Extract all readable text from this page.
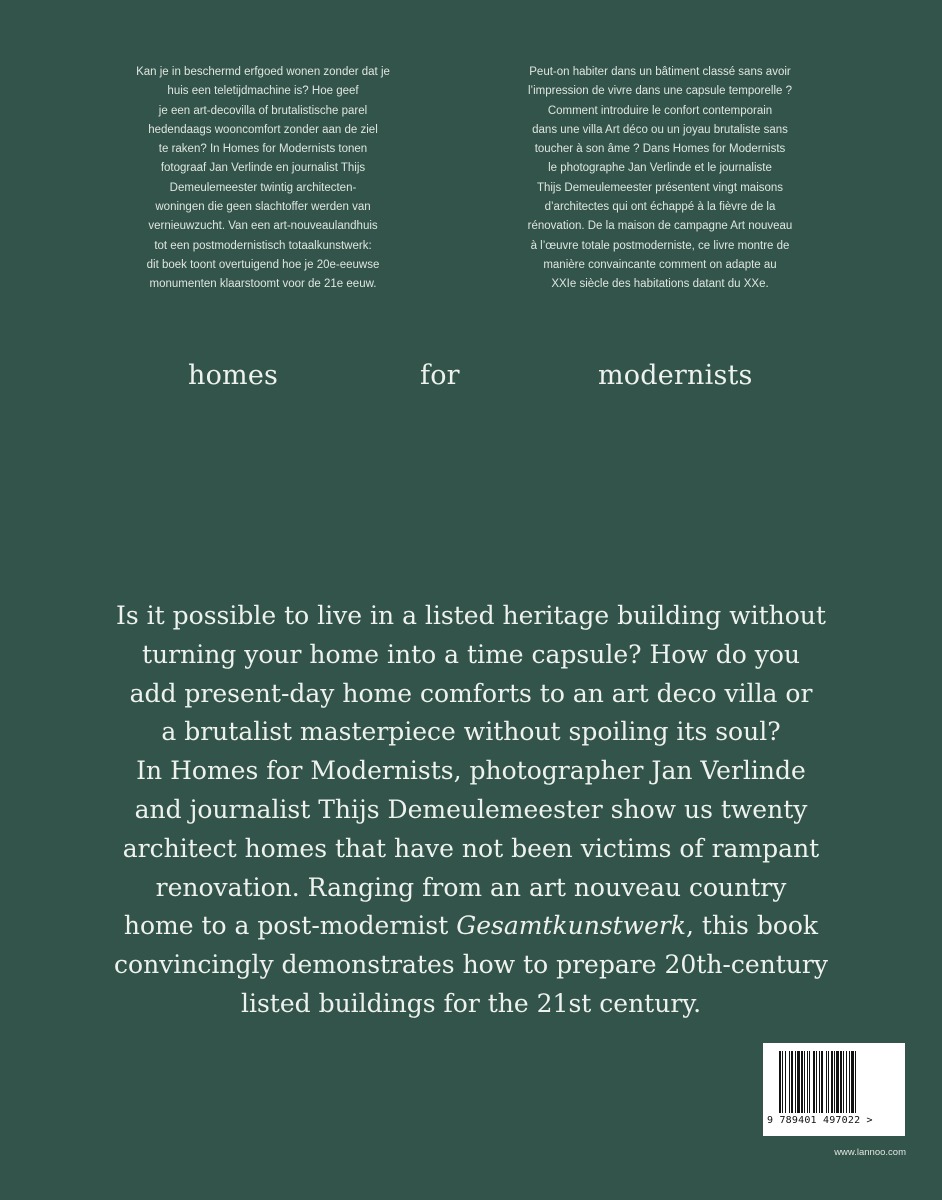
Kan je in beschermd erfgoed wonen zonder dat je
huis een teletijdmachine is? Hoe geef
je een art-decovilla of brutalistische parel
hedendaags wooncomfort zonder aan de ziel
te raken? In Homes for Modernists tonen
fotograaf Jan Verlinde en journalist Thijs
Demeulemeester twintig architecten-
woningen die geen slachtoffer werden van
vernieuwzucht. Van een art-nouveaulandhuis
tot een postmodernistisch totaalkunstwerk:
dit boek toont overtuigend hoe je 20e-eeuwse
monumenten klaarstoomt voor de 21e eeuw.

Peut-on habiter dans un bâtiment classé sans avoir
l’impression de vivre dans une capsule temporelle ?
Comment introduire le confort contemporain
dans une villa Art déco ou un joyau brutaliste sans
toucher à son âme ? Dans Homes for Modernists
le photographe Jan Verlinde et le journaliste
Thijs Demeulemeester présentent vingt maisons
d’architectes qui ont échappé à la fièvre de la
rénovation. De la maison de campagne Art nouveau
à l’œuvre totale postmoderniste, ce livre montre de
manière convaincante comment on adapte au
XXIe siècle des habitations datant du XXe.

homes	for	modernists

Is it possible to live in a listed heritage building without
turning your home into a time capsule? How do you
add present-day home comforts to an art deco villa or
a brutalist masterpiece without spoiling its soul?
In Homes for Modernists, photographer Jan Verlinde
and journalist Thijs Demeulemeester show us twenty
architect homes that have not been victims of rampant
renovation. Ranging from an art nouveau country
home to a post-modernist Gesamtkunstwerk, this book
convincingly demonstrates how to prepare 20th-century
listed buildings for the 21st century.

9 789401 497022 >
www.lannoo.com
